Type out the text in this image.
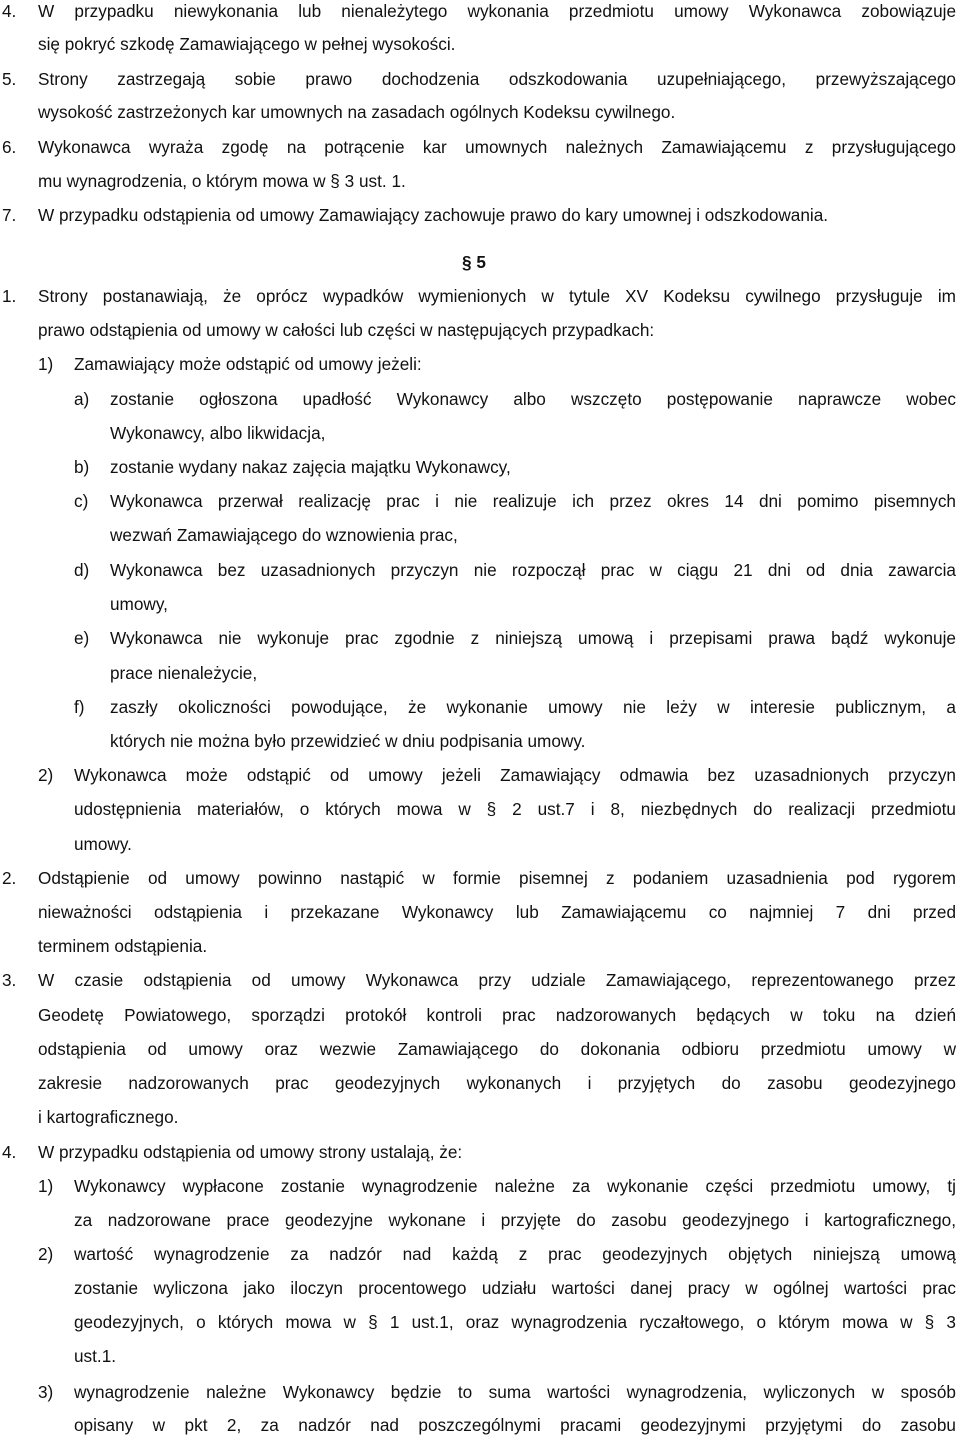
4. W przypadku niewykonania lub nienależytego wykonania przedmiotu umowy Wykonawca zobowiązuje
się pokryć szkodę Zamawiającego w pełnej wysokości.
5. Strony zastrzegają sobie prawo dochodzenia odszkodowania uzupełniającego, przewyższającego
wysokość zastrzeżonych kar umownych na zasadach ogólnych Kodeksu cywilnego.
6. Wykonawca wyraża zgodę na potrącenie kar umownych należnych Zamawiającemu z przysługującego
mu wynagrodzenia, o którym mowa w § 3 ust. 1.
7. W przypadku odstąpienia od umowy Zamawiający zachowuje prawo do kary umownej i odszkodowania.
§ 5
1. Strony postanawiają, że oprócz wypadków wymienionych w tytule XV Kodeksu cywilnego przysługuje im
prawo odstąpienia od umowy w całości lub części w następujących przypadkach:
1) Zamawiający może odstąpić od umowy jeżeli:
a) zostanie ogłoszona upadłość Wykonawcy albo wszczęto postępowanie naprawcze wobec
Wykonawcy, albo likwidacja,
b) zostanie wydany nakaz zajęcia majątku Wykonawcy,
c) Wykonawca przerwał realizację prac i nie realizuje ich przez okres 14 dni pomimo pisemnych
wezwań Zamawiającego do wznowienia prac,
d) Wykonawca bez uzasadnionych przyczyn nie rozpoczął prac w ciągu 21 dni od dnia zawarcia
umowy,
e) Wykonawca nie wykonuje prac zgodnie z niniejszą umową i przepisami prawa bądź wykonuje
prace nienależycie,
f) zaszły okoliczności powodujące, że wykonanie umowy nie leży w interesie publicznym, a
których nie można było przewidzieć w dniu podpisania umowy.
2) Wykonawca może odstąpić od umowy jeżeli Zamawiający odmawia bez uzasadnionych przyczyn
udostępnienia materiałów, o których mowa w § 2 ust.7 i 8, niezbędnych do realizacji przedmiotu
umowy.
2. Odstąpienie od umowy powinno nastąpić w formie pisemnej z podaniem uzasadnienia pod rygorem
nieważności odstąpienia i przekazane Wykonawcy lub Zamawiającemu co najmniej 7 dni przed
terminem odstąpienia.
3. W czasie odstąpienia od umowy Wykonawca przy udziale Zamawiającego, reprezentowanego przez
Geodetę Powiatowego, sporządzi protokół kontroli prac nadzorowanych będących w toku na dzień
odstąpienia od umowy oraz wezwie Zamawiającego do dokonania odbioru przedmiotu umowy w
zakresie nadzorowanych prac geodezyjnych wykonanych i przyjętych do zasobu geodezyjnego
i kartograficznego.
4. W przypadku odstąpienia od umowy strony ustalają, że:
1) Wykonawcy wypłacone zostanie wynagrodzenie należne za wykonanie części przedmiotu umowy, tj
za nadzorowane prace geodezyjne wykonane i przyjęte do zasobu geodezyjnego i kartograficznego,
2) wartość wynagrodzenie za nadzór nad każdą z prac geodezyjnych objętych niniejszą umową
zostanie wyliczona jako iloczyn procentowego udziału wartości danej pracy w ogólnej wartości prac
geodezyjnych, o których mowa w § 1 ust.1, oraz wynagrodzenia ryczałtowego, o którym mowa w § 3
ust.1.
3) wynagrodzenie należne Wykonawcy będzie to suma wartości wynagrodzenia, wyliczonych w sposób
opisany w pkt 2, za nadzór nad poszczególnymi pracami geodezyjnymi przyjętymi do zasobu
